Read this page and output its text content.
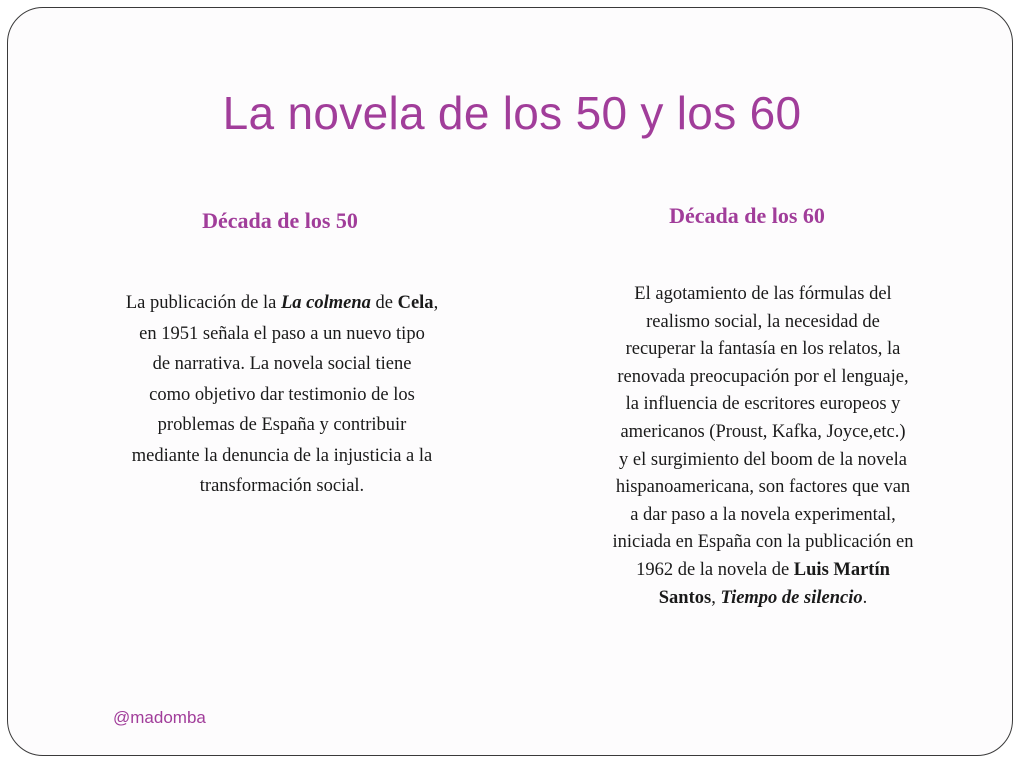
La novela de los 50 y los 60
Década de los 50	Década de los 60
La publicación de la La colmena de Cela,
en 1951 señala el paso a un nuevo tipo
de narrativa. La novela social tiene
como objetivo dar testimonio de los
problemas de España y contribuir
mediante la denuncia de la injusticia a la
transformación social.
El agotamiento de las fórmulas del
realismo social, la necesidad de
recuperar la fantasía en los relatos, la
renovada preocupación por el lenguaje,
la influencia de escritores europeos y
americanos (Proust, Kafka, Joyce,etc.)
y el surgimiento del boom de la novela
hispanoamericana, son factores que van
a dar paso a la novela experimental,
iniciada en España con la publicación en
1962 de la novela de Luis Martín
Santos, Tiempo de silencio.
@madomba
